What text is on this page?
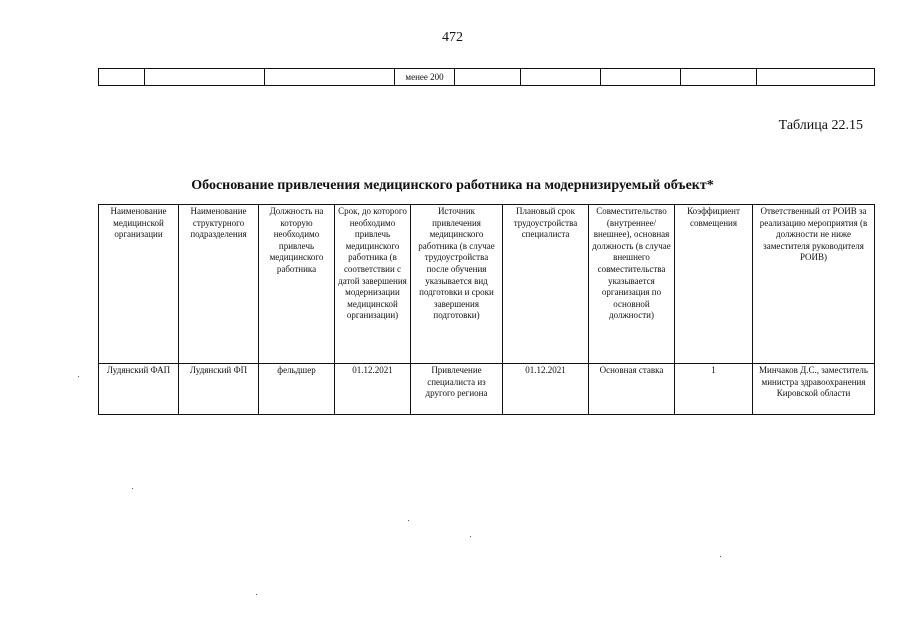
472
			менее 200					
Таблица 22.15
Обоснование привлечения медицинского работника на модернизируемый объект*
Наименование медицинской организации	Наименование структурного подразделения	Должность на которую необходимо привлечь медицинского работника	Срок, до которого необходимо привлечь медицинского работника (в соответствии с датой завершения модернизации медицинской организации)	Источник привлечения медицинского работника (в случае трудоустройства после обучения указывается вид подготовки и сроки завершения подготовки)	Плановый срок трудоустройства специалиста	Совместительство (внутреннее/внешнее), основная должность (в случае внешнего совместительства указывается организация по основной должности)	Коэффициент совмещения	Ответственный от РОИВ за реализацию мероприятия (в должности не ниже заместителя руководителя РОИВ)
Лудянский ФАП	Лудянский ФП	фельдшер	01.12.2021	Привлечение специалиста из другого региона	01.12.2021	Основная ставка	1	Минчаков Д.С., заместитель министра здравоохранения Кировской области
